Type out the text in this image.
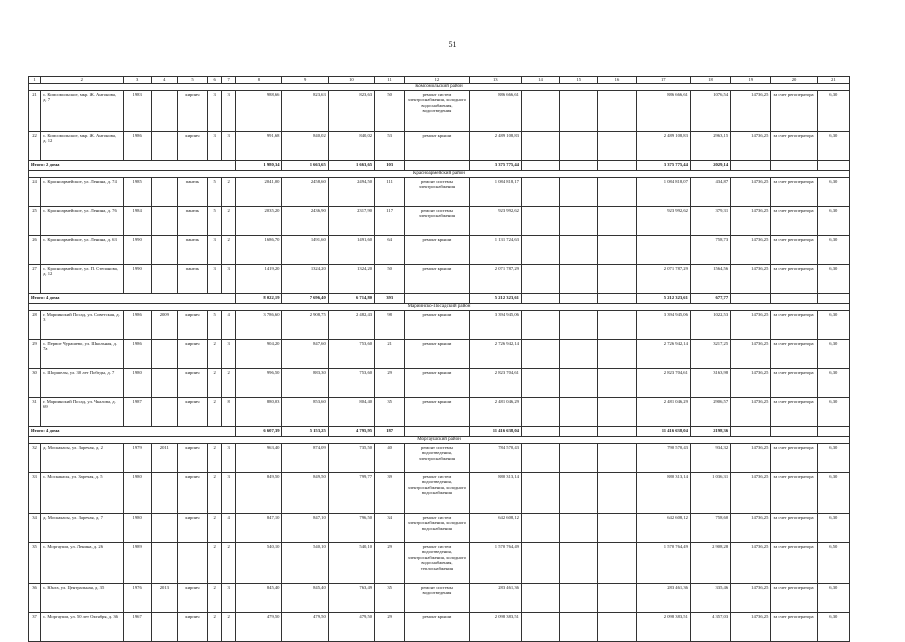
51
1	2	3	4	5	6	7	8	9	10	11	12	13	14	15	16	17	18	19	20	21
Комсомольский район																				
21	с. Комсомольское, мкр. Ж. Антонова, д. 7	1983		кирпич	3	3	988,66	823,63	823,63	50	ремонт систем электроснабжения, холодного водоснабжения, водоотведения	886 666,61				886 666,61	1076,54	14736,25	за счет регоператора	6,30
22	с. Комсомольское, мкр. Ж. Антонова, д. 12	1986		кирпич	3	3	991,68	840,02	840,02	53	ремонт крыши	2 489 108,83				2 489 108,83	2963,15	14736,25	за счет регоператора	6,30
Итого: 2 дома							1 980,34	1 663,65	1 663,65	103		3 375 775,44				3 375 775,44	2029,14			
Красноармейский район																				
24	с. Красноармейское, ул. Ленина, д. 74	1985		панель	5	2	2041,00	2458,60	2494,50	111	ремонт системы электроснабжения	1 084 818,17				1 084 818,07	434,87	14736,25	за счет регоператора	6,30
25	с. Красноармейское, ул. Ленина, д. 76	1984		панель	5	2	2035,20	2436,90	2317,90	117	ремонт системы электроснабжения	923 992,62				923 992,62	379,31	14736,25	за счет регоператора	6,30
26	с. Красноармейское, ул. Ленина, д. 63	1990		панель	3	2	1686,70	1491,60	1491,60	64	ремонт крыши	1 131 724,63					758,73	14736,25	за счет регоператора	6,30
27	с. Красноармейское, ул. П. Степанова, д. 12	1990		панель	3	3	1419,20	1324,20	1324,20	50	ремонт крыши	2 071 787,29				2 071 787,29	1564,56	14736,25	за счет регоператора	6,30
Итого: 4 дома							8 022,19	7 696,40	6 714,80	393		5 212 323,61				5 212 323,61	677,77			
Мариинско-Посадский район																				
28	г. Мариинский Посад, ул. Советская, д. 3	1986	2009	кирпич	5	4	3 786,60	2 908,75	2 482,43	98	ремонт крыши	3 394 945,06				3 394 945,06	1022,53	14736,25	за счет регоператора	6,30
29	с. Первое Чурашево, ул. Школьная, д. 7а	1986		кирпич	2	3	904,20	847,60	753,60	21	ремонт крыши	2 726 942,14				2 726 942,14	3217,25	14736,25	за счет регоператора	6,30
30	с. Шоршелы, ул. 30 лет Победы, д. 7	1980		кирпич	2	2	996,50	883,30	753,60	29	ремонт крыши	2 823 704,61				2 823 704,61	3163,98	14736,25	за счет регоператора	6,30
31	г. Мариинский Посад, ул. Чкалова, д. 69	1987		кирпич	2	8	880,03	853,60	804,40	35	ремонт крыши	2 481 046,29				2 481 046,29	2906,57	14736,25	за счет регоператора	6,30
Итого: 4 дома							6 607,39	5 153,25	4 795,95	187		11 416 638,04				11 416 638,04	2198,36			
Моргаушский район																				
32	д. Москакасы, ул. Заречая, д. 2	1979	2011	кирпич	2	3	963,40	874,09	735,50	40	ремонт системы водоотведения, электроснабжения	784 570,43				790 570,43	934,32	14736,25	за счет регоператора	6,30
33	с. Москакасы, ул. Заречая, д. 5	1980		кирпич	2	3	849,50	849,50	799,77	39	ремонт систем водоотведения, электроснабжения, холодного водоснабжения	880 313,14				880 313,14	1 036,31	14736,25	за счет регоператора	6,30
34	д. Москакасы, ул. Заречая, д. 7	1980		кирпич	2	4	847,10	847,10	796,50	34	ремонт систем электроснабжения, холодного водоснабжения	642 608,12				642 608,12	758,60	14736,25	за счет регоператора	6,30
35	с. Моргауши, ул. Ленина, д. 26	1989			2	2	540,10	540,10	540,10	29	ремонт систем водоотведения, электроснабжения, холодного водоснабжения, теплоснабжения	1 570 764,49				1 570 764,49	2 908,28	14736,25	за счет регоператора	6,50
36	с. Юнга, ул. Центральная, д. 35	1976	2013	кирпич	2	3	845,40	845,40	763,49	35	ремонт системы водоотведения	283 461,36				283 461,36	335,46	14736,25	за счет регоператора	6,30
37	с. Моргауши, ул. 50 лет Октября, д. 36	1967		кирпич	2	2	479,50	479,50	479,50	29	ремонт крыши	2 098 383,51				2 098 383,51	4 357,03	14736,25	за счет регоператора	6,30
